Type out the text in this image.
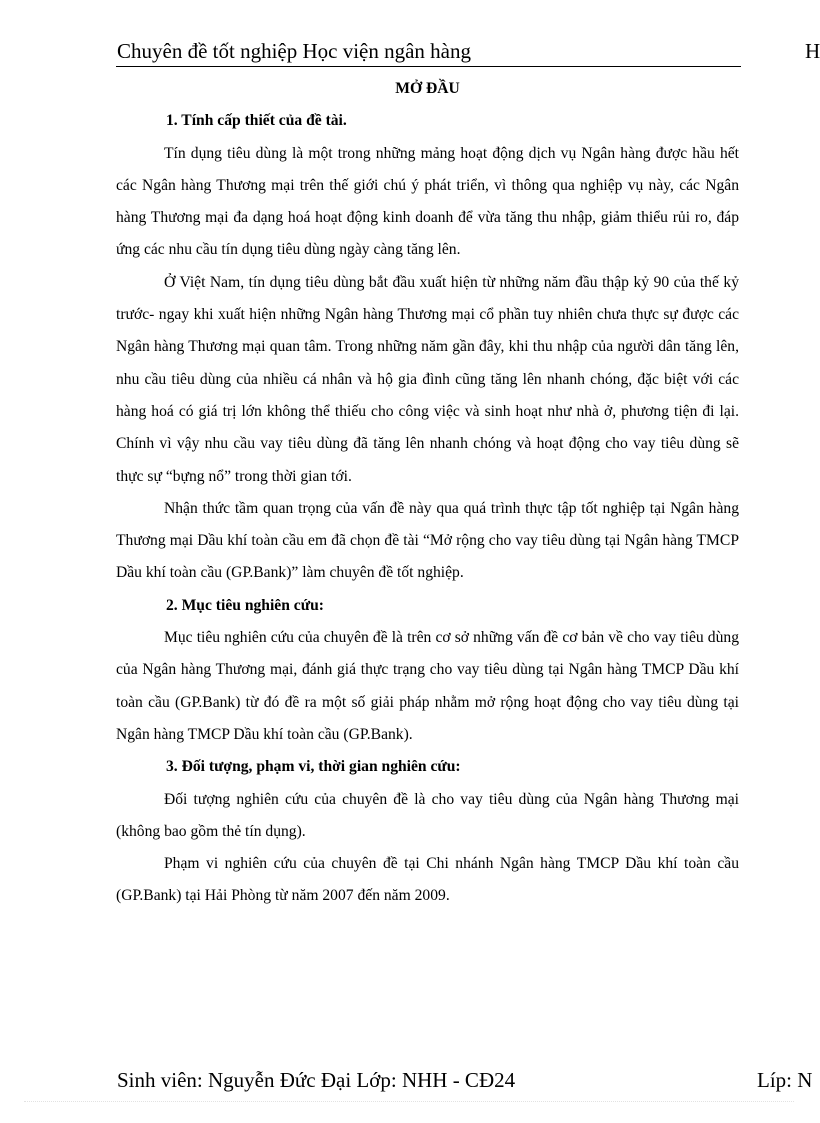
Chuyên đề tốt nghiệp Học viện ngân hàng	H

MỞ ĐẦU

1. Tính cấp thiết của đề tài.

Tín dụng tiêu dùng là một trong những mảng hoạt động dịch vụ Ngân hàng được hầu hết các Ngân hàng Thương mại trên thế giới chú ý phát triển, vì thông qua nghiệp vụ này, các Ngân hàng Thương mại đa dạng hoá hoạt động kinh doanh để vừa tăng thu nhập, giảm thiểu rủi ro, đáp ứng các nhu cầu tín dụng tiêu dùng ngày càng tăng lên.

Ở Việt Nam, tín dụng tiêu dùng bắt đầu xuất hiện từ những năm đầu thập kỷ 90 của thế kỷ trước- ngay khi xuất hiện những Ngân hàng Thương mại cổ phần tuy nhiên chưa thực sự được các Ngân hàng Thương mại quan tâm. Trong những năm gần đây, khi thu nhập của người dân tăng lên, nhu cầu tiêu dùng của nhiều cá nhân và hộ gia đình cũng tăng lên nhanh chóng, đặc biệt với các hàng hoá có giá trị lớn không thể thiếu cho công việc và sinh hoạt như nhà ở, phương tiện đi lại. Chính vì vậy nhu cầu vay tiêu dùng đã tăng lên nhanh chóng và hoạt động cho vay tiêu dùng sẽ thực sự “bựng nổ” trong thời gian tới.

Nhận thức tầm quan trọng của vấn đề này qua quá trình thực tập tốt nghiệp tại Ngân hàng Thương mại Dầu khí toàn cầu em đã chọn đề tài “Mở rộng cho vay tiêu dùng tại Ngân hàng TMCP Dầu khí toàn cầu (GP.Bank)” làm chuyên đề tốt nghiệp.

2. Mục tiêu nghiên cứu:

Mục tiêu nghiên cứu của chuyên đề là trên cơ sở những vấn đề cơ bản về cho vay tiêu dùng của Ngân hàng Thương mại, đánh giá thực trạng cho vay tiêu dùng tại Ngân hàng TMCP Dầu khí toàn cầu (GP.Bank) từ đó đề ra một số giải pháp nhằm mở rộng hoạt động cho vay tiêu dùng tại Ngân hàng TMCP Dầu khí toàn cầu (GP.Bank).

3. Đối tượng, phạm vi, thời gian nghiên cứu:

Đối tượng nghiên cứu của chuyên đề là cho vay tiêu dùng của Ngân hàng Thương mại (không bao gồm thẻ tín dụng).

Phạm vi nghiên cứu của chuyên đề tại Chi nhánh Ngân hàng TMCP Dầu khí toàn cầu (GP.Bank) tại Hải Phòng từ năm 2007 đến năm 2009.

Sinh viên: Nguyễn Đức Đại Lớp: NHH - CĐ24	Líp: N
